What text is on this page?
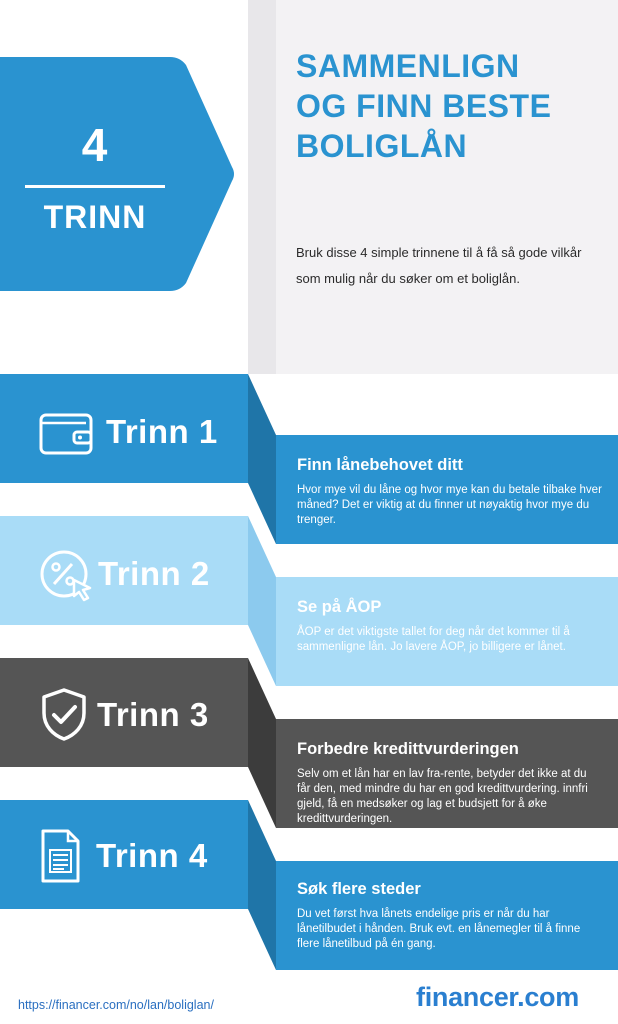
4
TRINN
SAMMENLIGN
OG FINN BESTE
BOLIGLÅN
Bruk disse 4 simple trinnene til å få så gode vilkår som mulig når du søker om et boliglån.
Trinn 1
Finn lånebehovet ditt
Hvor mye vil du låne og hvor mye kan du betale tilbake hver måned? Det er viktig at du finner ut nøyaktig hvor mye du trenger.
Trinn 2
Se på ÅOP
ÅOP er det viktigste tallet for deg når det kommer til å sammenligne lån. Jo lavere ÅOP, jo billigere er lånet.
Trinn 3
Forbedre kredittvurderingen
Selv om et lån har en lav fra-rente, betyder det ikke at du får den, med mindre du har en god kredittvurdering. innfri gjeld, få en medsøker og lag et budsjett for å øke kredittvurderingen.
Trinn 4
Søk flere steder
Du vet først hva lånets endelige pris er når du har lånetilbudet i hånden. Bruk evt. en lånemegler til å finne flere lånetilbud på én gang.
https://financer.com/no/lan/boliglan/	financer.com
